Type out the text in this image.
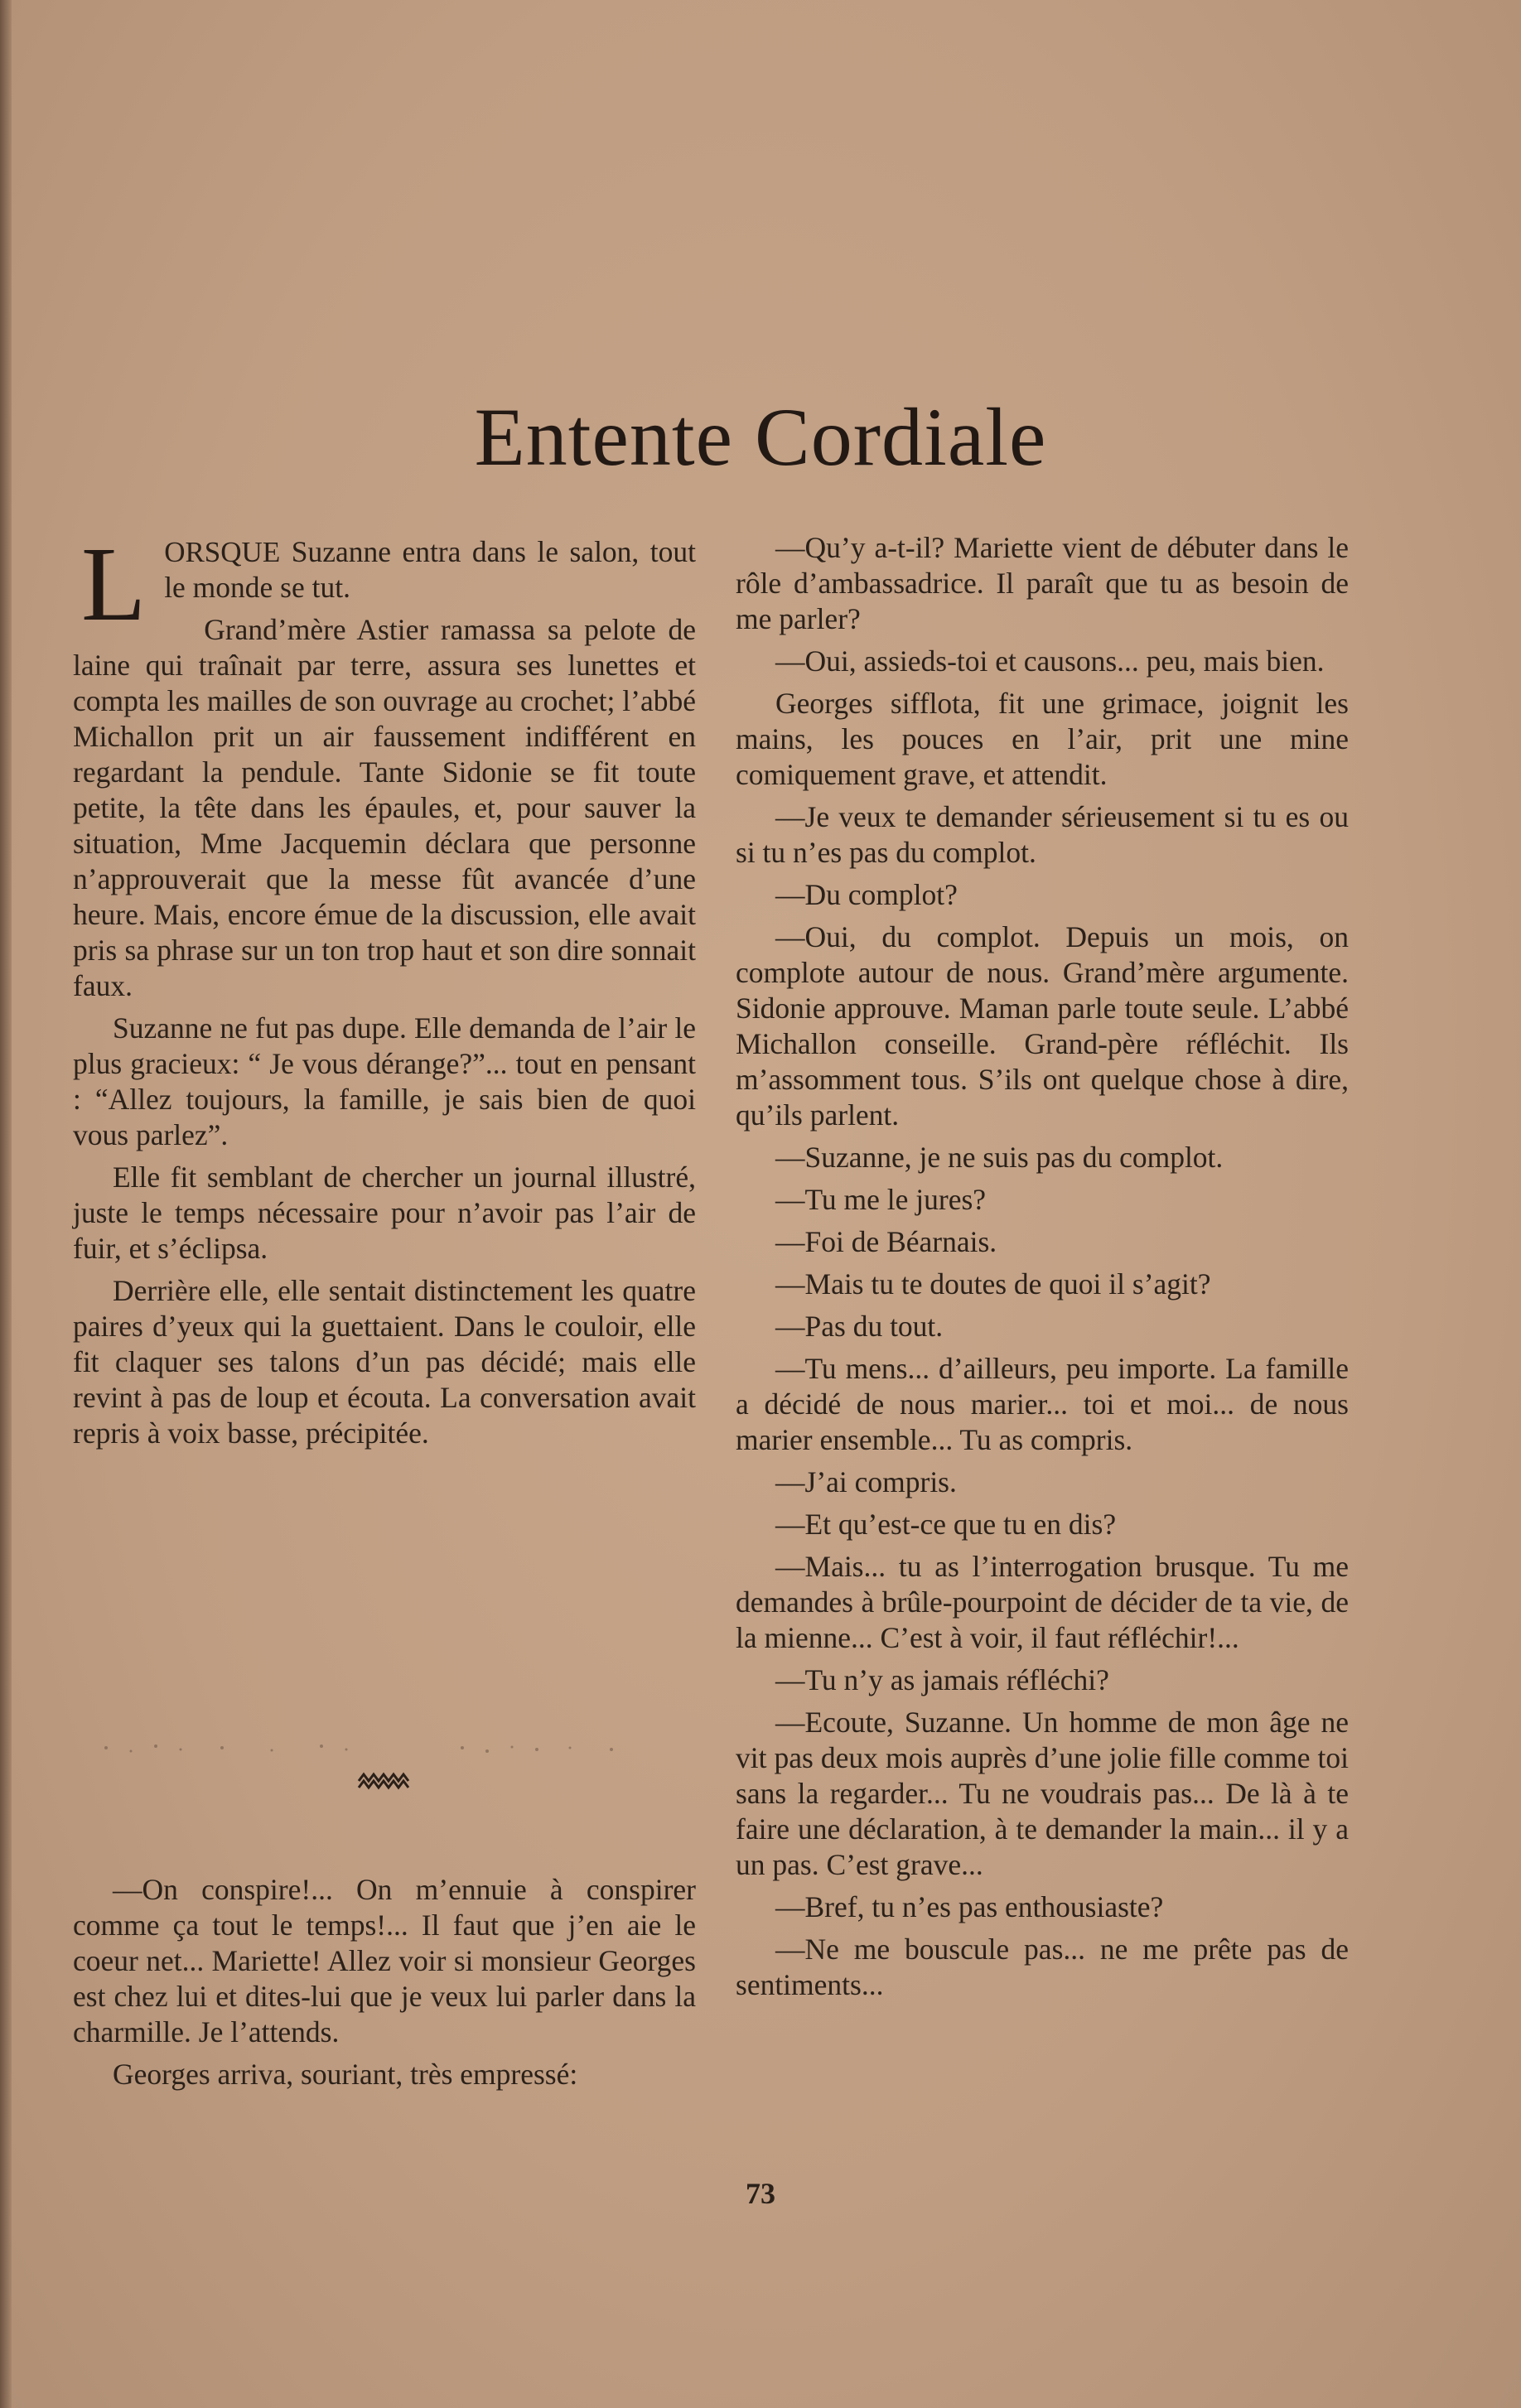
Entente Cordiale

LORSQUE Suzanne entra dans le salon, tout le monde se tut.

Grand’mère Astier ramassa sa pelote de laine qui traînait par terre, assura ses lunettes et compta les mailles de son ouvrage au crochet; l’abbé Michallon prit un air faussement indifférent en regardant la pendule. Tante Sidonie se fit toute petite, la tête dans les épaules, et, pour sauver la situation, Mme Jacquemin déclara que personne n’approuverait que la messe fût avancée d’une heure. Mais, encore émue de la discussion, elle avait pris sa phrase sur un ton trop haut et son dire sonnait faux.

Suzanne ne fut pas dupe. Elle demanda de l’air le plus gracieux: “ Je vous dérange?”... tout en pensant : “Allez toujours, la famille, je sais bien de quoi vous parlez”.

Elle fit semblant de chercher un journal illustré, juste le temps nécessaire pour n’avoir pas l’air de fuir, et s’éclipsa.

Derrière elle, elle sentait distinctement les quatre paires d’yeux qui la guettaient. Dans le couloir, elle fit claquer ses talons d’un pas décidé; mais elle revint à pas de loup et écouta. La conversation avait repris à voix basse, précipitée.

—On conspire!... On m’ennuie à conspirer comme ça tout le temps!... Il faut que j’en aie le coeur net... Mariette! Allez voir si monsieur Georges est chez lui et dites-lui que je veux lui parler dans la charmille. Je l’attends.

Georges arriva, souriant, très empressé:

—Qu’y a-t-il? Mariette vient de débuter dans le rôle d’ambassadrice. Il paraît que tu as besoin de me parler?

—Oui, assieds-toi et causons... peu, mais bien.

Georges sifflota, fit une grimace, joignit les mains, les pouces en l’air, prit une mine comiquement grave, et attendit.

—Je veux te demander sérieusement si tu es ou si tu n’es pas du complot.

—Du complot?

—Oui, du complot. Depuis un mois, on complote autour de nous. Grand’mère argumente. Sidonie approuve. Maman parle toute seule. L’abbé Michallon conseille. Grand-père réfléchit. Ils m’assomment tous. S’ils ont quelque chose à dire, qu’ils parlent.

—Suzanne, je ne suis pas du complot.

—Tu me le jures?

—Foi de Béarnais.

—Mais tu te doutes de quoi il s’agit?

—Pas du tout.

—Tu mens... d’ailleurs, peu importe. La famille a décidé de nous marier... toi et moi... de nous marier ensemble... Tu as compris.

—J’ai compris.

—Et qu’est-ce que tu en dis?

—Mais... tu as l’interrogation brusque. Tu me demandes à brûle-pourpoint de décider de ta vie, de la mienne... C’est à voir, il faut réfléchir!...

—Tu n’y as jamais réfléchi?

—Ecoute, Suzanne. Un homme de mon âge ne vit pas deux mois auprès d’une jolie fille comme toi sans la regarder... Tu ne voudrais pas... De là à te faire une déclaration, à te demander la main... il y a un pas. C’est grave...

—Bref, tu n’es pas enthousiaste?

—Ne me bouscule pas... ne me prête pas de sentiments...

73
